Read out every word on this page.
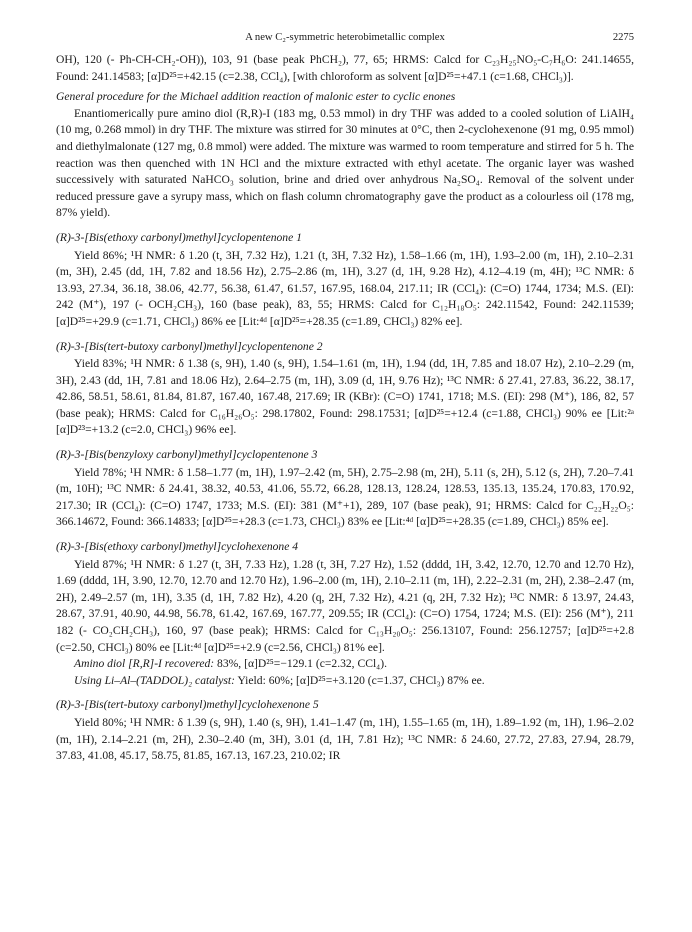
A new C₂-symmetric heterobimetallic complex	2275

OH), 120 (- Ph-CH-CH₂-OH)), 103, 91 (base peak PhCH₂), 77, 65; HRMS: Calcd for C₂₃H₂₅NO₅-C₇H₆O: 241.14655, Found: 241.14583; [α]D²⁵=+42.15 (c=2.38, CCl₄), [with chloroform as solvent [α]D²⁵=+47.1 (c=1.68, CHCl₃)].

General procedure for the Michael addition reaction of malonic ester to cyclic enones

Enantiomerically pure amino diol (R,R)-I (183 mg, 0.53 mmol) in dry THF was added to a cooled solution of LiAlH₄ (10 mg, 0.268 mmol) in dry THF. The mixture was stirred for 30 minutes at 0°C, then 2-cyclohexenone (91 mg, 0.95 mmol) and diethylmalonate (127 mg, 0.8 mmol) were added. The mixture was warmed to room temperature and stirred for 5 h. The reaction was then quenched with 1N HCl and the mixture extracted with ethyl acetate. The organic layer was washed successively with saturated NaHCO₃ solution, brine and dried over anhydrous Na₂SO₄. Removal of the solvent under reduced pressure gave a syrupy mass, which on flash column chromatography gave the product as a colourless oil (178 mg, 87% yield).

(R)-3-[Bis(ethoxy carbonyl)methyl]cyclopentenone 1

Yield 86%; ¹H NMR: δ 1.20 (t, 3H, 7.32 Hz), 1.21 (t, 3H, 7.32 Hz), 1.58–1.66 (m, 1H), 1.93–2.00 (m, 1H), 2.10–2.31 (m, 3H), 2.45 (dd, 1H, 7.82 and 18.56 Hz), 2.75–2.86 (m, 1H), 3.27 (d, 1H, 9.28 Hz), 4.12–4.19 (m, 4H); ¹³C NMR: δ 13.93, 27.34, 36.18, 38.06, 42.77, 56.38, 61.47, 61.57, 167.95, 168.04, 217.11; IR (CCl₄): (C=O) 1744, 1734; M.S. (EI): 242 (M⁺), 197 (- OCH₂CH₃), 160 (base peak), 83, 55; HRMS: Calcd for C₁₂H₁₈O₅: 242.11542, Found: 242.11539; [α]D²⁵=+29.9 (c=1.71, CHCl₃) 86% ee [Lit:⁴ᵈ [α]D²⁵=+28.35 (c=1.89, CHCl₃) 82% ee].

(R)-3-[Bis(tert-butoxy carbonyl)methyl]cyclopentenone 2

Yield 83%; ¹H NMR: δ 1.38 (s, 9H), 1.40 (s, 9H), 1.54–1.61 (m, 1H), 1.94 (dd, 1H, 7.85 and 18.07 Hz), 2.10–2.29 (m, 3H), 2.43 (dd, 1H, 7.81 and 18.06 Hz), 2.64–2.75 (m, 1H), 3.09 (d, 1H, 9.76 Hz); ¹³C NMR: δ 27.41, 27.83, 36.22, 38.17, 42.86, 58.51, 58.61, 81.84, 81.87, 167.40, 167.48, 217.69; IR (KBr): (C=O) 1741, 1718; M.S. (EI): 298 (M⁺), 186, 82, 57 (base peak); HRMS: Calcd for C₁₆H₂₆O₅: 298.17802, Found: 298.17531; [α]D²⁵=+12.4 (c=1.88, CHCl₃) 90% ee [Lit:²ᵃ [α]D²³=+13.2 (c=2.0, CHCl₃) 96% ee].

(R)-3-[Bis(benzyloxy carbonyl)methyl]cyclopentenone 3

Yield 78%; ¹H NMR: δ 1.58–1.77 (m, 1H), 1.97–2.42 (m, 5H), 2.75–2.98 (m, 2H), 5.11 (s, 2H), 5.12 (s, 2H), 7.20–7.41 (m, 10H); ¹³C NMR: δ 24.41, 38.32, 40.53, 41.06, 55.72, 66.28, 128.13, 128.24, 128.53, 135.13, 135.24, 170.83, 170.92, 217.30; IR (CCl₄): (C=O) 1747, 1733; M.S. (EI): 381 (M⁺+1), 289, 107 (base peak), 91; HRMS: Calcd for C₂₂H₂₂O₅: 366.14672, Found: 366.14833; [α]D²⁵=+28.3 (c=1.73, CHCl₃) 83% ee [Lit:⁴ᵈ [α]D²⁵=+28.35 (c=1.89, CHCl₃) 85% ee].

(R)-3-[Bis(ethoxy carbonyl)methyl]cyclohexenone 4

Yield 87%; ¹H NMR: δ 1.27 (t, 3H, 7.33 Hz), 1.28 (t, 3H, 7.27 Hz), 1.52 (dddd, 1H, 3.42, 12.70, 12.70 and 12.70 Hz), 1.69 (dddd, 1H, 3.90, 12.70, 12.70 and 12.70 Hz), 1.96–2.00 (m, 1H), 2.10–2.11 (m, 1H), 2.22–2.31 (m, 2H), 2.38–2.47 (m, 2H), 2.49–2.57 (m, 1H), 3.35 (d, 1H, 7.82 Hz), 4.20 (q, 2H, 7.32 Hz), 4.21 (q, 2H, 7.32 Hz); ¹³C NMR: δ 13.97, 24.43, 28.67, 37.91, 40.90, 44.98, 56.78, 61.42, 167.69, 167.77, 209.55; IR (CCl₄): (C=O) 1754, 1724; M.S. (EI): 256 (M⁺), 211 182 (- CO₂CH₂CH₃), 160, 97 (base peak); HRMS: Calcd for C₁₃H₂₀O₅: 256.13107, Found: 256.12757; [α]D²⁵=+2.8 (c=2.50, CHCl₃) 80% ee [Lit:⁴ᵈ [α]D²⁵=+2.9 (c=2.56, CHCl₃) 81% ee].

Amino diol [R,R]-I recovered: 83%, [α]D²⁵=−129.1 (c=2.32, CCl₄).

Using Li–Al–(TADDOL)₂ catalyst: Yield: 60%; [α]D²⁵=+3.120 (c=1.37, CHCl₃) 87% ee.

(R)-3-[Bis(tert-butoxy carbonyl)methyl]cyclohexenone 5

Yield 80%; ¹H NMR: δ 1.39 (s, 9H), 1.40 (s, 9H), 1.41–1.47 (m, 1H), 1.55–1.65 (m, 1H), 1.89–1.92 (m, 1H), 1.96–2.02 (m, 1H), 2.14–2.21 (m, 2H), 2.30–2.40 (m, 3H), 3.01 (d, 1H, 7.81 Hz); ¹³C NMR: δ 24.60, 27.72, 27.83, 27.94, 28.79, 37.83, 41.08, 45.17, 58.75, 81.85, 167.13, 167.23, 210.02; IR
